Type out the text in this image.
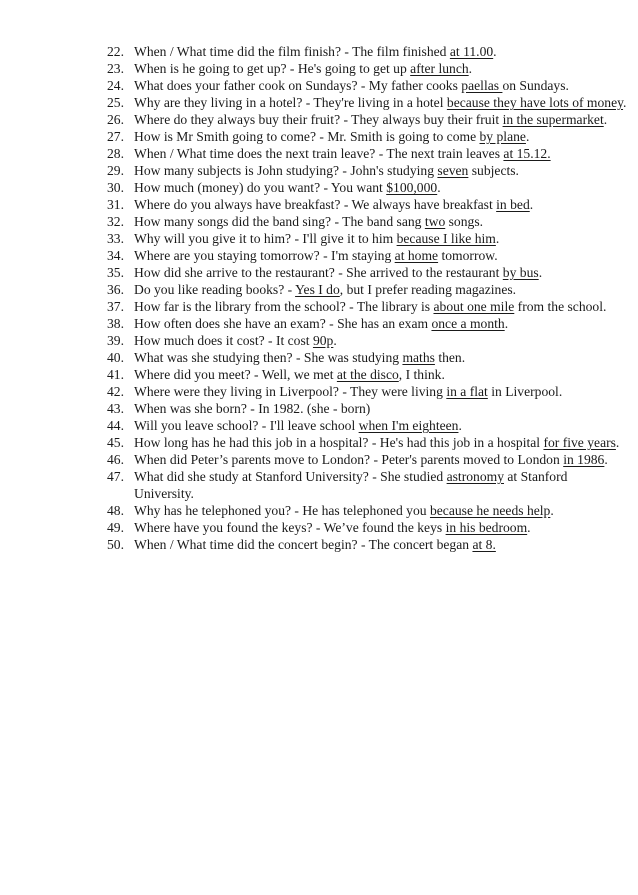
22. When / What time did the film finish? - The film finished at 11.00.
23. When is he going to get up? - He's going to get up after lunch.
24. What does your father cook on Sundays? - My father cooks paellas on Sundays.
25. Why are they living in a hotel? - They're living in a hotel because they have lots of money.
26. Where do they always buy their fruit? - They always buy their fruit in the supermarket.
27. How is Mr Smith going to come? - Mr. Smith is going to come by plane.
28. When / What time does the next train leave? - The next train leaves at 15.12.
29. How many subjects is John studying? - John's studying seven subjects.
30. How much (money) do you want? - You want $100,000.
31. Where do you always have breakfast? - We always have breakfast in bed.
32. How many songs did the band sing? - The band sang two songs.
33. Why will you give it to him? - I'll give it to him because I like him.
34. Where are you staying tomorrow? - I'm staying at home tomorrow.
35. How did she arrive to the restaurant? - She arrived to the restaurant by bus.
36. Do you like reading books? - Yes I do, but I prefer reading magazines.
37. How far is the library from the school? - The library is about one mile from the school.
38. How often does she have an exam? - She has an exam once a month.
39. How much does it cost? - It cost 90p.
40. What was she studying then? - She was studying maths then.
41. Where did you meet? - Well, we met at the disco, I think.
42. Where were they living in Liverpool? - They were living in a flat in Liverpool.
43. When was she born? - In 1982. (she - born)
44. Will you leave school? - I'll leave school when I'm eighteen.
45. How long has he had this job in a hospital? - He's had this job in a hospital for five years.
46. When did Peter’s parents move to London? - Peter's parents moved to London in 1986.
47. What did she study at Stanford University? - She studied astronomy at Stanford University.
48. Why has he telephoned you? - He has telephoned you because he needs help.
49. Where have you found the keys? - We’ve found the keys in his bedroom.
50. When / What time did the concert begin? - The concert began at 8.
